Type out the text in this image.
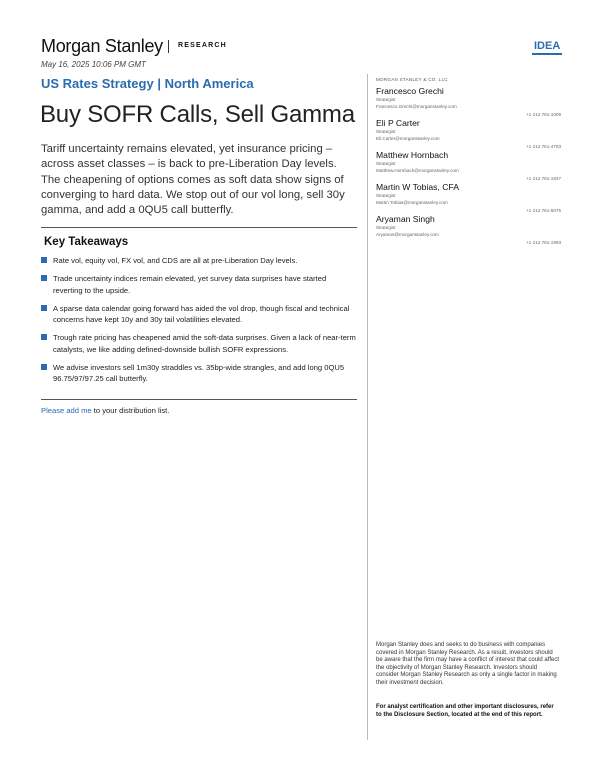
Morgan Stanley RESEARCH	IDEA
May 16, 2025 10:06 PM GMT
US Rates Strategy | North America
Buy SOFR Calls, Sell Gamma
Tariff uncertainty remains elevated, yet insurance pricing – across asset classes – is back to pre-Liberation Day levels. The cheapening of options comes as soft data show signs of converging to hard data. We stop out of our vol long, sell 30y gamma, and add a 0QU5 call butterfly.
Key Takeaways
Rate vol, equity vol, FX vol, and CDS are all at pre-Liberation Day levels.
Trade uncertainty indices remain elevated, yet survey data surprises have started reverting to the upside.
A sparse data calendar going forward has aided the vol drop, though fiscal and technical concerns have kept 10y and 30y tail volatilities elevated.
Trough rate pricing has cheapened amid the soft-data surprises. Given a lack of near-term catalysts, we like adding defined-downside bullish SOFR expressions.
We advise investors sell 1m30y straddles vs. 35bp-wide strangles, and add long 0QU5 96.75/97/97.25 call butterfly.
Please add me to your distribution list.
MORGAN STANLEY & CO. LLC
Francesco Grechi
Strategist
Francesco.Grechi@morganstanley.com
+1 212 761-1009
Eli P Carter
Strategist
Eli.Carter@morganstanley.com
+1 212 761-4703
Matthew Hornbach
Strategist
Matthew.Hornbach@morganstanley.com
+1 212 761-1837
Martin W Tobias, CFA
Strategist
Martin.Tobias@morganstanley.com
+1 212 761-6076
Aryaman Singh
Strategist
Aryaman@morganstanley.com
+1 212 761-1993
Morgan Stanley does and seeks to do business with companies covered in Morgan Stanley Research. As a result, investors should be aware that the firm may have a conflict of interest that could affect the objectivity of Morgan Stanley Research. Investors should consider Morgan Stanley Research as only a single factor in making their investment decision.
For analyst certification and other important disclosures, refer to the Disclosure Section, located at the end of this report.
